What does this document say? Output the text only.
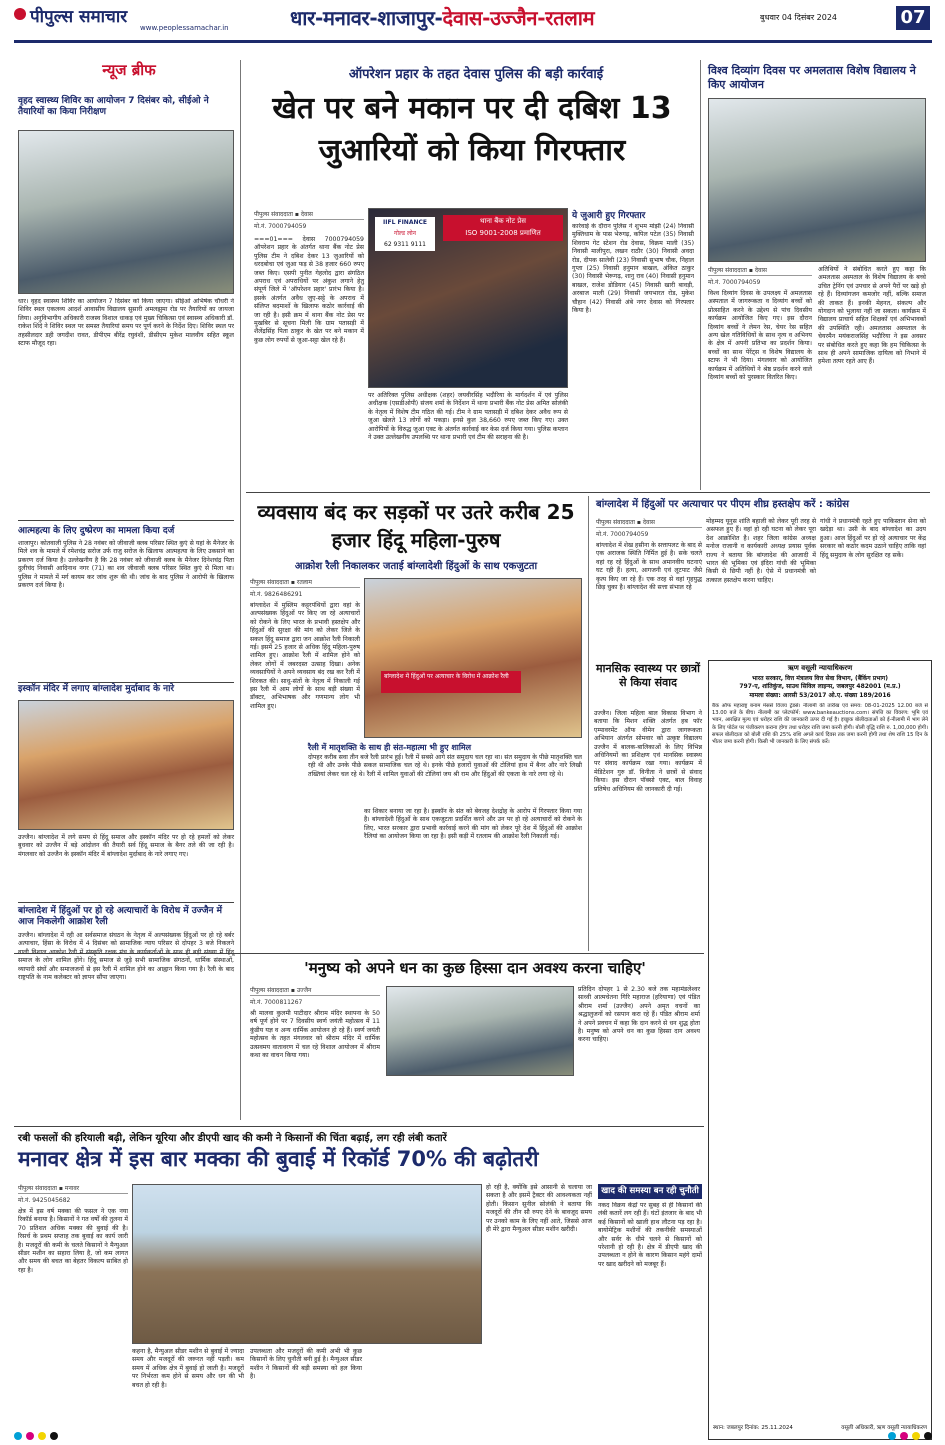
पीपुल्स समाचार
www.peoplessamachar.in	धार-मनावर-शाजापुर-देवास-उज्जैन-रतलाम	बुधवार 04 दिसंबर 2024	07
न्यूज ब्रीफ
वृहद स्वास्थ्य शिविर का आयोजन 7 दिसंबर को, सीईओ ने तैयारियों का किया निरीक्षण
धार। वृहद स्वास्थ्य शिविर का आयोजन 7 दिसंबर को किया जाएगा। सीईओ अभिषेक चौधरी ने शिविर स्थल एकलव्य आदर्श आवासीय विद्यालय सुसारी अमलझुमा रोड पर तैयारियों का जायजा लिया। अनुविभागीय अधिकारी राजस्व विशाल धाकड़ एवं मुख्य चिकित्सा एवं स्वास्थ्य अधिकारी डॉ. राकेश शिंदे ने शिविर स्थल पर समस्त तैयारियां समय पर पूर्ण करने के निर्देश दिए। शिविर स्थल पर तहसीलदार डही जगदीश रावत, डीपीएम बीरेंद्र रघुवंशी, डीसीएम मुकेश मालवीय सहित स्कूल स्टाफ मौजूद रहा।
आत्महत्या के लिए दुष्प्रेरण का मामला किया दर्ज
शाजापुर। कोतवाली पुलिस ने 28 नवंबर को जीवाजी क्लब परिसर स्थित कुएं से यहां के मैनेजर के मिले शव के मामले में रमेशचंद्र सरोज उर्फ राजु सरोज के खिलाफ आत्महत्या के लिए उकसाने का प्रकरण दर्ज किया है। उल्लेखनीय है कि 28 नवंबर को जीवाजी क्लब के मैनेजर दिनेशचंद्र पिता दुलीचंद निवासी आदिनाथ नगर (71) का शव जीवाजी क्लब परिसर स्थित कुएं से मिला था। पुलिस ने मामले में मर्ग कायम कर जांच शुरू की थी। जांच के बाद पुलिस ने आरोपी के खिलाफ प्रकरण दर्ज किया है।
इस्कॉन मंदिर में लगाए बांग्लादेश मुर्दाबाद के नारे
उज्जैन। बांग्लादेश में लगे समय से हिंदू समाज और इस्कॉन मंदिर पर हो रहे हमलों को लेकर बुधवार को उज्जैन में बड़े आंदोलन की तैयारी सर्व हिंदू समाज के बैनर तले की जा रही है। मंगलवार को उज्जैन के इस्कॉन मंदिर में बांग्लादेश मुर्दाबाद के नारे लगाए गए।
बांग्लादेश में हिंदुओं पर हो रहे अत्याचारों के विरोध में उज्जैन में आज निकलेगी आक्रोश रैली
उज्जैन। बांग्लादेश में रही आ सर्वसमाज संघठन के नेतृत्व में अल्पसंख्यक हिंदुओं पर हो रहे बर्बर अत्याचार, हिंसा के विरोध में 4 दिसंबर को सामाजिक न्याय परिसर से दोपहर 3 बजे निकलने समाज के लोग शामिल होंगे। हिंदू समाज से जुड़े सभी सामाजिक संगठनों, धार्मिक संस्थाओं, व्यापारी संघों और समाजजनों से इस रैली में शामिल होने का आह्वान किया गया है। रैली के बाद राष्ट्रपति के नाम कलेक्टर को ज्ञापन सौंपा जाएगा।
ऑपरेशन प्रहार के तहत देवास पुलिस की बड़ी कार्रवाई
खेत पर बने मकान पर दी दबिश 13 जुआरियों को किया गिरफ्तार
पीपुल्स संवाददाता ▪ देवास
मो.नं. 7000794059
===01=== देवास 7000794059 ऑपरेशन प्रहार के अंतर्गत थाना बैंक नोट प्रेस पुलिस टीम ने दबिश देकर 13 जुआरियों को धरदबोचा एवं जुआ फड़ से 38 हजार 660 रुपए जब्त किए। एसपी पुनीत गेहलोद द्वारा संगठित अपराध एवं अपराधियों पर अंकुश लगाने हेतु संपूर्ण जिले में 'ऑपरेशन प्रहार' प्रारंभ किया है। इसके अंतर्गत अवैध जुए-सट्टे के अपराध में संलिप्त बदमाशों के खिलाफ कठोर कार्रवाई की जा रही है। इसी क्रम में थाना बैंक नोट प्रेस पर मुखबिर से सूचना मिली कि ग्राम पतासड़ी में शैलेंद्रसिंह पिता ठाकुर के खेत पर बने मकान में कुछ लोग रुपयों से जुआ-सट्टा खेल रहे हैं।
थाना बैंक नोट प्रेस
ISO 9001-2008 प्रमाणित
IIFL FINANCE
गोल्ड लोन
62 9311 9111
पर अतिरिक्त पुलिस अधीक्षक (शहर) जयवीरसिंह भदौरिया के मार्गदर्शन में एवं पुलिस अधीक्षक (एसडीओपी) संजय शर्मा के निर्देशन में थाना प्रभारी बैंक नोट प्रेस अमित सोलंकी के नेतृत्व में विशेष टीम गठित की गई। टीम ने ग्राम पतासड़ी में दबिश देकर अवैध रूप से जुआ खेलते 13 लोगों को पकड़ा। इनसे कुल 38,660 रुपए जब्त किए गए। उक्त आरोपियों के विरुद्ध जुआ एक्ट के अंतर्गत कार्रवाई कर केस दर्ज किया गया। पुलिस कप्तान ने उक्त उल्लेखनीय उपलब्धि पर थाना प्रभारी एवं टीम की सराहना की है।
ये जुआरी हुए गिरफ्तार
कार्रवाई के दौरान पुलिस ने शुभम मांझी (24) निवासी मुक्तिधाम के पास भेरुगढ़, कपिल पटेल (35) निवासी शिवराम गेट स्टेशन रोड देवास, विक्रम माली (35) निवासी मालीपुरा, लखन राठौर (30) निवासी अवदा रोड, दीपक सालेवी (23) निवासी सुभाष चौक, निहाल गुप्ता (25) निवासी हनुमान बाखल, अंकित ठाकुर (30) निवासी भेरूगढ़, शानु राव (40) निवासी हनुमान बाखल, राजेश डोडियार (45) निवासी खारी बावड़ी, अरबाज माली (29) निवासी जयभारत रोड, मुकेश चौहान (42) निवासी अंबे नगर देवास को गिरफ्तार किया है।
विश्व दिव्यांग दिवस पर अमलतास विशेष विद्यालय ने किए आयोजन
पीपुल्स संवाददाता ▪ देवास
मो.नं. 7000794059
विश्व दिव्यांग दिवस के उपलक्ष्य में अमलतास अस्पताल में जागरूकता व दिव्यांग बच्चों को प्रोत्साहित करने के उद्देश्य से पांच दिवसीय कार्यक्रम आयोजित किए गए। इस दौरान दिव्यांग बच्चों ने लेमन रेस, चेयर रेस सहित अन्य खेल गतिविधियों के साथ नृत्य व अभिनय के क्षेत्र में अपनी प्रतिभा का प्रदर्शन किया। बच्चों का साथ पेरेंट्स व विशेष विद्यालय के स्टाफ ने भी दिया। मंगलवार को आयोजित कार्यक्रम में अतिथियों ने श्रेष्ठ प्रदर्शन करने वाले दिव्यांग बच्चों को पुरस्कार वितरित किए।
अतिथियों ने संबोधित करते हुए कहा कि अमलतास अस्पताल के विशेष विद्यालय के बच्चे उचित ट्रेनिंग एवं उपचार से अपने पैरों पर खड़े हो रहे हैं। दिव्यांगजन कमजोर नहीं, बल्कि समाज की ताकत हैं। इनकी मेहनत, संकल्प और योगदान को भुलाया नहीं जा सकता। कार्यक्रम में विद्यालय प्राचार्य सहित शिक्षकों एवं अभिभावकों की उपस्थिति रही। अमलतास अस्पताल के चेयरमैन मयंकराजसिंह भदौरिया ने इस अवसर पर संबोधित करते हुए कहा कि हम चिकित्सा के साथ ही अपने सामाजिक दायित्व को निभाने में हमेशा तत्पर रहते आए हैं।
व्यवसाय बंद कर सड़कों पर उतरे करीब 25 हजार हिंदू महिला-पुरुष
आक्रोश रैली निकालकर जताई बांग्लादेशी हिंदुओं के साथ एकजुटता
पीपुल्स संवाददाता ▪ रतलाम
मो.नं. 9826486291
बांग्लादेश में मुस्लिम कट्टरपंथियों द्वारा वहां के अल्पसंख्यक हिंदुओं पर किए जा रहे अत्याचारों को रोकने के लिए भारत के प्रभावी हस्तक्षेप और हिंदुओं की सुरक्षा की मांग को लेकर जिले के सकल हिंदू समाज द्वारा जन आक्रोश रैली निकाली गई। इसमें 25 हजार से अधिक हिंदू महिला-पुरुष शामिल हुए। आक्रोश रैली में शामिल होने को लेकर लोगों में जबरदस्त उत्साह दिखा। अनेक व्यवसायियों ने अपने व्यवसाय बंद रख कर रैली में शिरकत की। साधु-संतों के नेतृत्व में निकाली गई इस रैली में आम लोगों के साथ बड़ी संख्या में डॉक्टर, अभिभाषक और गणमान्य लोग भी शामिल हुए।
बांग्लादेश में हिंदुओं पर अत्याचार के विरोध में आक्रोश रैली
रैली में मातृशक्ति के साथ ही संत-महात्मा भी हुए शामिल
दोपहर करीब सवा तीन बजे रैली प्रारंभ हुई। रैली में सबसे आगे संत समुदाय चल रहा था। संत समुदाय के पीछे मातृशक्ति चल रही थी और उनके पीछे सकल सामाजिक चल रहे थे। इनके पीछे हजारों युवाओं की टोलियां हाथ में बैनर और नारे लिखी तख्तियां लेकर चल रहे थे। रैली में शामिल युवाओं की टोलियां जय श्री राम और हिंदुओं की एकता के नारे लगा रहे थे।
का शिकार बनाया जा रहा है। इस्कॉन के संत को बेवजह देशद्रोह के आरोप में गिरफ्तार किया गया है। बांग्लादेशी हिंदुओं के साथ एकजुटता प्रदर्शित करने और उन पर हो रहे अत्याचारों को रोकने के लिए, भारत सरकार द्वारा प्रभावी कार्रवाई करने की मांग को लेकर पूरे देश में हिंदुओं की आक्रोश रैलियां का आयोजन किया जा रहा है। इसी कड़ी में रतलाम की आक्रोश रैली निकाली गई।
बांग्लादेश में हिंदुओं पर अत्याचार पर पीएम शीघ्र हस्तक्षेप करें : कांग्रेस
पीपुल्स संवाददाता ▪ देवास
मो.नं. 7000794059
बांग्लादेश में शेख हसीना के सत्तापलट के बाद से एक अराजक स्थिति निर्मित हुई है। सके चलते वहां रह रहे हिंदुओं के साथ अमानवीय घटनाएं घट रही हैं। हत्या, आगजनी एवं लूटपाट जैसे कृत्य किए जा रहे हैं। एक तरह से वहां गृहयुद्ध छिड़ चुका है। बांग्लादेश की सत्ता संभाल रहे
मोहम्मद यूनुस शांति बहाली को लेकर पूरी तरह से असफल हुए हैं। वहां हो रही घटना को लेकर पूरा देश आक्रोशित है। शहर जिला कांग्रेस अध्यक्ष मनोज राजानी व कार्यकारी अध्यक्ष प्रयास पूर्वक राज्य ने बताया कि बांग्लादेश की आजादी में भारत की भूमिका एवं इंदिरा गांधी की भूमिका किसी से छिपी नहीं है। ऐसे में प्रधानमंत्री को तत्काल हस्तक्षेप करना चाहिए।
गांधी ने प्रधानमंत्री रहते हुए पाकिस्तान सेना को खदेड़ा था। उसी के बाद बांग्लादेश का उदय हुआ। आज हिंदुओं पर हो रहे अत्याचार पर केंद्र सरकार को कठोर कदम उठाने चाहिए ताकि वहां हिंदू समुदाय के लोग सुरक्षित रह सकें।
मानसिक स्वास्थ्य पर छात्रों से किया संवाद
उज्जैन। जिला महिला बाल विकास विभाग ने बताया कि मिशन शक्ति अंतर्गत हब फॉर एम्पावरमेंट ऑफ वीमेन द्वारा जागरूकता अभियान अंतर्गत सोमवार को उत्कृष्ट विद्यालय उज्जैन में बालक-बालिकाओं के लिए विभिन्न अधिनियमों का प्रशिक्षण एवं मानसिक स्वास्थ्य पर संवाद कार्यक्रम रखा गया। कार्यक्रम में मेडिटेशन गुरु डॉ. विनीता ने छात्रों से संवाद किया। इस दौरान पॉक्सो एक्ट, बाल विवाह प्रतिषेध अधिनियम की जानकारी दी गई।
ऋण वसूली न्यायाधिकरण
भारत सरकार, वित्त मंत्रालय वित्त सेवा विभाग, (बैंकिंग प्रभाग)
797-ए, शांतिकुंज, साउथ सिविल लाइन्स, जबलपुर 482001 (म.प्र.)
मामला संख्या: आरसी 53/2017 ओ.ए. संख्या 189/2016
बैंक ऑफ महाराष्ट्र बनाम मेसर्स विजय ट्रेडर्स। नीलामी की तारीख एवं समय: 08-01-2025 12.00 बजे से 13.00 बजे के बीच। नीलामी का प्लेटफॉर्म: www.bankeauctions.com। संपत्ति का विवरण: भूमि एवं भवन, आरक्षित मूल्य एवं धरोहर राशि की जानकारी ऊपर दी गई है। इच्छुक बोलीदाताओं को ई-नीलामी में भाग लेने के लिए पोर्टल पर पंजीकरण कराना होगा तथा धरोहर राशि जमा करनी होगी। बोली वृद्धि राशि रु. 1,00,000 होगी। सफल बोलीदाता को बोली राशि की 25% राशि अगले कार्य दिवस तक जमा करनी होगी तथा शेष राशि 15 दिन के भीतर जमा करनी होगी। किसी भी जानकारी के लिए संपर्क करें।
स्थान: जबलपुर दिनांक: 25.11.2024	वसूली अधिकारी, ऋण वसूली न्यायाधिकरण
'मनुष्य को अपने धन का कुछ हिस्सा दान अवश्य करना चाहिए'
पीपुल्स संवाददाता ▪ उज्जैन
मो.नं. 7000811267
श्री मालवा कुलमी पाटीदार श्रीराम मंदिर स्थापना के 50 वर्ष पूर्ण होने पर 7 दिवसीय स्वर्ण जयंती महोत्सव में 11 कुंडीय यज्ञ व अन्य धार्मिक आयोजन हो रहे हैं। स्वर्ण जयंती महोत्सव के तहत मंगलवार को श्रीराम मंदिर में धार्मिक उत्सवमय वातावरण में चल रहे विशाल आयोजन में श्रीराम कथा का वाचन किया गया।
प्रतिदिन दोपहर 1 से 2.30 बजे तक महामंडलेश्वर साध्वी आत्मचेतना गिरि महाराज (हरियाणा) एवं पंडित श्रीराम शर्मा (उज्जैन) अपने अमृत वचनों का श्रद्धालुजनों को रसपान करा रहे हैं। पंडित श्रीराम शर्मा ने अपने प्रवचन में कहा कि दान करने से धन शुद्ध होता है। मनुष्य को अपने धन का कुछ हिस्सा दान अवश्य करना चाहिए।
रबी फसलों की हरियाली बढ़ी, लेकिन यूरिया और डीएपी खाद की कमी ने किसानों की चिंता बढ़ाई, लग रही लंबी कतारें
मनावर क्षेत्र में इस बार मक्का की बुवाई में रिकॉर्ड 70% की बढ़ोतरी
पीपुल्स संवाददाता ▪ मनावर
मो.नं. 9425045682
क्षेत्र में इस वर्ष मक्का की फसल ने एक नया रिकॉर्ड बनाया है। किसानों ने गत वर्षों की तुलना में 70 प्रतिशत अधिक मक्का की बुवाई की है। रिसर्च के प्रथम सप्ताह तक बुवाई का कार्य जारी है। मजदूरों की कमी के चलते किसानों ने मैन्युअल सीडर मशीन का सहारा लिया है, जो कम लागत और समय की बचत का बेहतर विकल्प साबित हो रहा है।
कहना है, मैन्युअल सीडर मशीन से बुवाई में ज्यादा समय और मजदूरों की जरूरत नहीं पड़ती। कम समय में अधिक क्षेत्र में बुवाई हो जाती है। मजदूरों पर निर्भरता कम होने से समय और धन की भी बचत हो रही है।
उपलब्धता और मजदूरों की कमी अभी भी कुछ किसानों के लिए चुनौती बनी हुई है। मैन्युअल सीडर मशीन ने किसानों की बड़ी समस्या को हल किया है।
हो रही है, क्योंकि इसे आसानी से चलाया जा सकता है और इसमें ट्रैक्टर की आवश्यकता नहीं होती। किसान सुनील सोलंकी ने बताया कि मजदूरों की तीन सौ रुपए देने के बावजूद समय पर उनको काम के लिए नहीं आते, जिससे आज ही मेरे द्वारा मैन्युअल सीडर मशीन खरीदी।
खाद की समस्या बन रही चुनौती
नकद विक्रय केंद्रों पर सुबह से ही किसानों की लंबी कतारें लग रही हैं। घंटों इंतजार के बाद भी कई किसानों को खाली हाथ लौटना पड़ रहा है। बायोमेट्रिक मशीनों की तकनीकी समस्याओं और सर्वर के धीमे चलने से किसानों को परेशानी हो रही है। क्षेत्र में डीएपी खाद की उपलब्धता न होने के कारण किसान महंगे दामों पर खाद खरीदने को मजबूर हैं।
